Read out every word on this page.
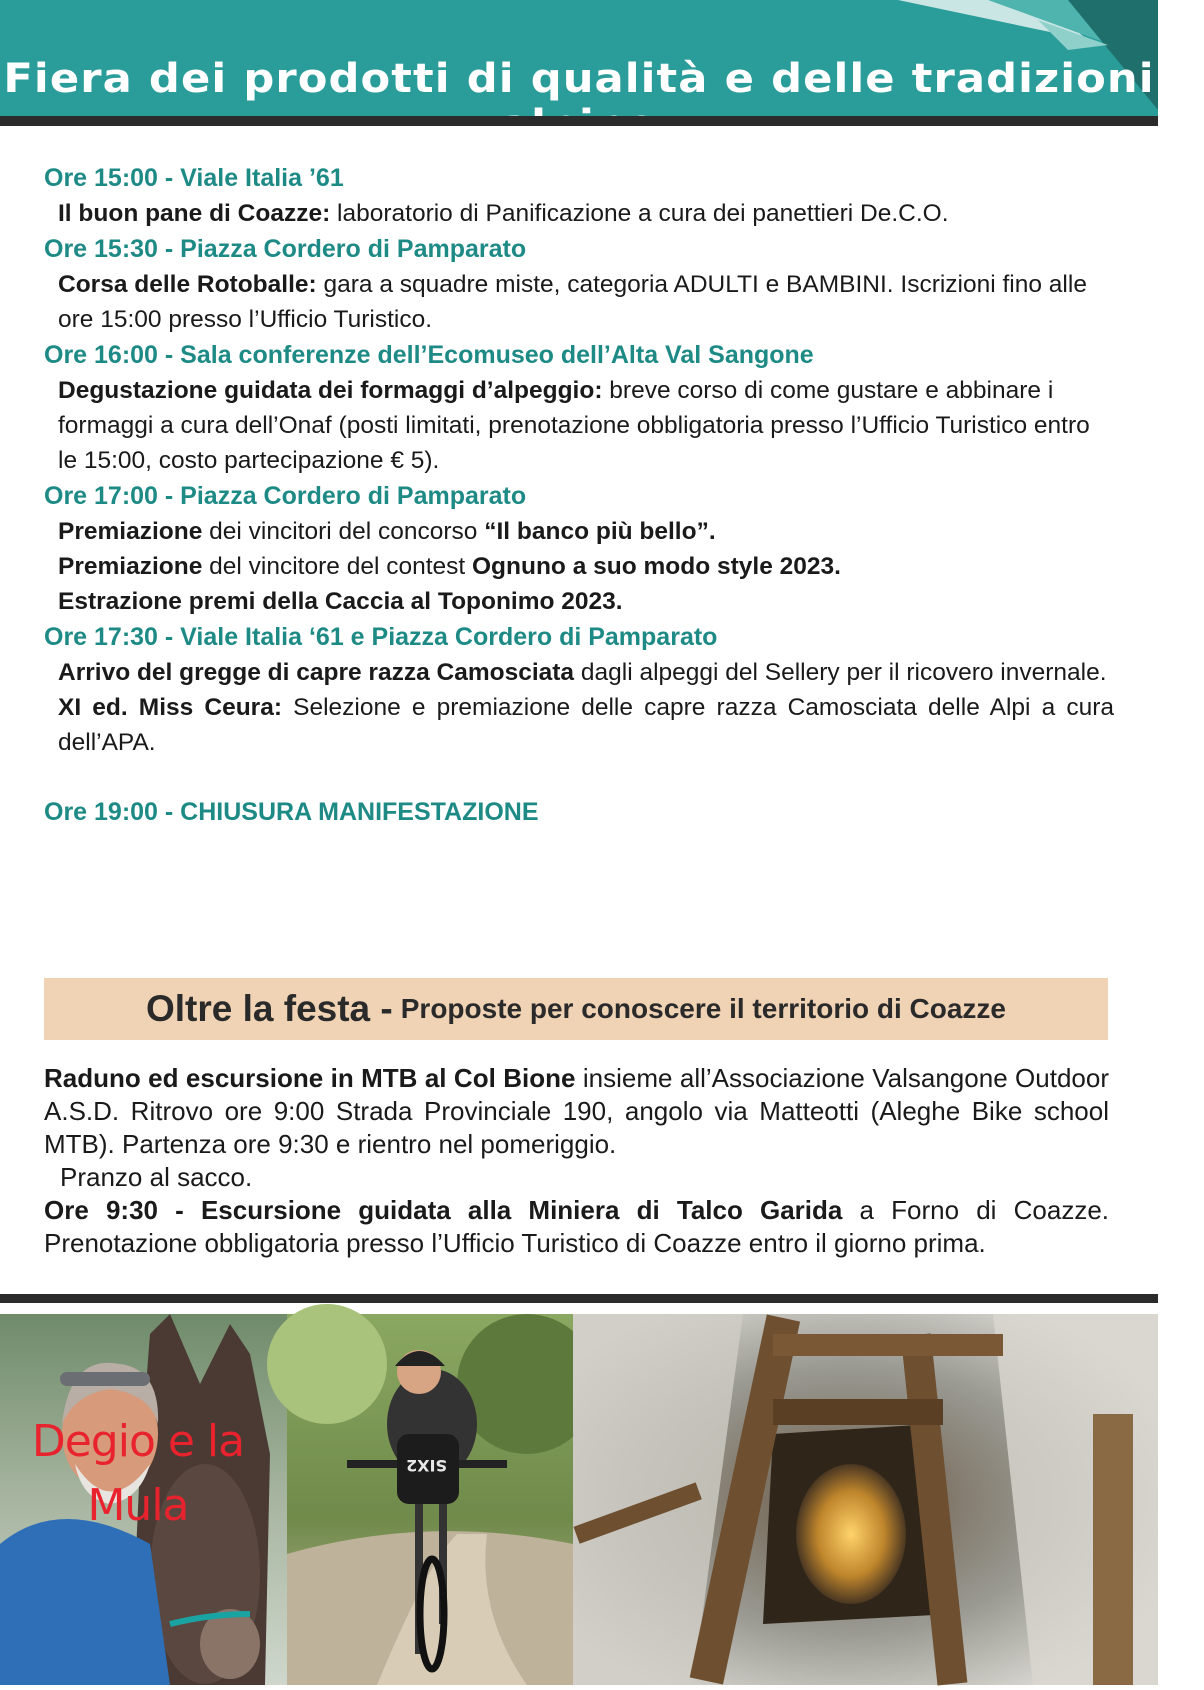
Fiera dei prodotti di qualità e delle tradizioni

Ore 15:00 - Viale Italia ’61

Il buon pane di Coazze: laboratorio di Panificazione a cura dei panettieri De.C.O.

Ore 15:30 - Piazza Cordero di Pamparato

Corsa delle Rotoballe: gara a squadre miste, categoria ADULTI e BAMBINI. Iscrizioni fino alle ore 15:00 presso l’Ufficio Turistico.

Ore 16:00 - Sala conferenze dell’Ecomuseo dell’Alta Val Sangone

Degustazione guidata dei formaggi d’alpeggio: breve corso di come gustare e abbinare i formaggi a cura dell’Onaf (posti limitati, prenotazione obbligatoria presso l’Ufficio Turistico entro le 15:00, costo partecipazione € 5).

Ore 17:00 - Piazza Cordero di Pamparato

Premiazione dei vincitori del concorso “Il banco più bello”.

Premiazione del vincitore del contest Ognuno a suo modo style 2023.

Estrazione premi della Caccia al Toponimo 2023.

Ore 17:30 - Viale Italia ‘61 e Piazza Cordero di Pamparato

Arrivo del gregge di capre razza Camosciata dagli alpeggi del Sellery per il ricovero invernale.

XI ed. Miss Ceura: Selezione e premiazione delle capre razza Camosciata delle Alpi a cura dell’APA.

Ore 19:00 - CHIUSURA MANIFESTAZIONE

Oltre la festa - Proposte per conoscere il territorio di Coazze

Raduno ed escursione in MTB al Col Bione insieme all’Associazione Valsangone Outdoor A.S.D. Ritrovo ore 9:00 Strada Provinciale 190, angolo via Matteotti (Aleghe Bike school MTB). Partenza ore 9:30 e rientro nel pomeriggio.

Pranzo al sacco.

Ore 9:30 - Escursione guidata alla Miniera di Talco Garida a Forno di Coazze. Prenotazione obbligatoria presso l’Ufficio Turistico di Coazze entro il giorno prima.

Degio e la
Mula
SIX2
